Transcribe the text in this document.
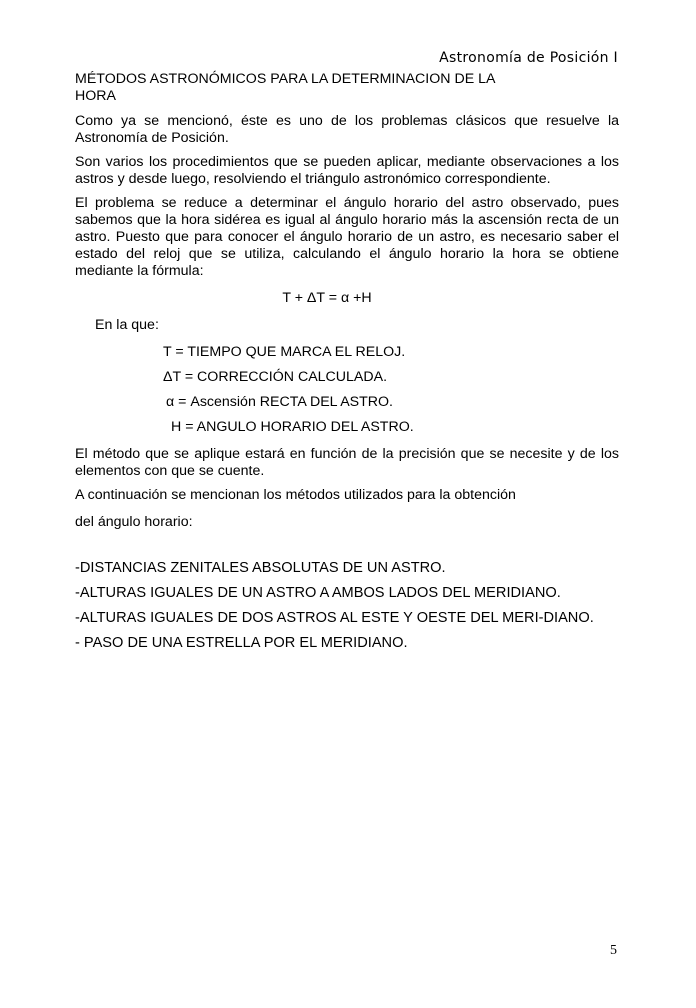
Astronomía de Posición I
MÉTODOS ASTRONÓMICOS PARA LA DETERMINACION DE LA HORA

Como ya se mencionó, éste es uno de los problemas clásicos que resuelve la Astronomía de Posición.

Son varios los procedimientos que se pueden aplicar, mediante observaciones a los astros y desde luego, resolviendo el triángulo astronómico correspondiente.

El problema se reduce a determinar el ángulo horario del astro observado, pues sabemos que la hora sidérea es igual al ángulo horario más la ascensión recta de un astro. Puesto que para conocer el ángulo horario de un astro, es necesario saber el estado del reloj que se utiliza, calculando el ángulo horario la hora se obtiene mediante la fórmula:

T + ΔT = α +H
En la que:
T = TIEMPO QUE MARCA EL RELOJ.
ΔT = CORRECCIÓN CALCULADA.
α = Ascensión RECTA DEL ASTRO.
H = ANGULO HORARIO DEL ASTRO.

El método que se aplique estará en función de la precisión que se necesite y de los elementos con que se cuente.

A continuación se mencionan los métodos utilizados para la obtención

del ángulo horario:

-DISTANCIAS ZENITALES ABSOLUTAS DE UN ASTRO.
-ALTURAS IGUALES DE UN ASTRO A AMBOS LADOS DEL MERIDIANO.
-ALTURAS IGUALES DE DOS ASTROS AL ESTE Y OESTE DEL MERI-DIANO.
- PASO DE UNA ESTRELLA POR EL MERIDIANO.
5
